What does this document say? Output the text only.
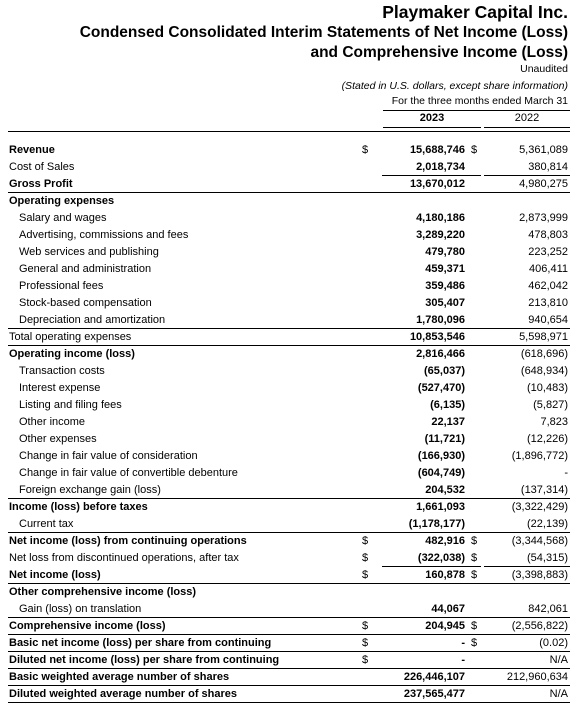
Playmaker Capital Inc.
Condensed Consolidated Interim Statements of Net Income (Loss)
and Comprehensive Income (Loss)
Unaudited
(Stated in U.S. dollars, except share information)
For the three months ended March 31
2023	2022
Revenue	$	15,688,746 $	5,361,089
Cost of Sales	2,018,734	380,814
Gross Profit	13,670,012	4,980,275
Operating expenses
Salary and wages	4,180,186	2,873,999
Advertising, commissions and fees	3,289,220	478,803
Web services and publishing	479,780	223,252
General and administration	459,371	406,411
Professional fees	359,486	462,042
Stock-based compensation	305,407	213,810
Depreciation and amortization	1,780,096	940,654
Total operating expenses	10,853,546	5,598,971
Operating income (loss)	2,816,466	(618,696)
Transaction costs	(65,037)	(648,934)
Interest expense	(527,470)	(10,483)
Listing and filing fees	(6,135)	(5,827)
Other income	22,137	7,823
Other expenses	(11,721)	(12,226)
Change in fair value of consideration	(166,930)	(1,896,772)
Change in fair value of convertible debenture	(604,749)	-
Foreign exchange gain (loss)	204,532	(137,314)
Income (loss) before taxes	1,661,093	(3,322,429)
Current tax	(1,178,177)	(22,139)
Net income (loss) from continuing operations	$	482,916 $	(3,344,568)
Net loss from discontinued operations, after tax	$	(322,038) $	(54,315)
Net income (loss)	$	160,878 $	(3,398,883)
Other comprehensive income (loss)
Gain (loss) on translation	44,067	842,061
Comprehensive income (loss)	$	204,945 $	(2,556,822)
Basic net income (loss) per share from continuing	$	- $	(0.02)
Diluted net income (loss) per share from continuing	$	-	N/A
Basic weighted average number of shares	226,446,107	212,960,634
Diluted weighted average number of shares	237,565,477	N/A
